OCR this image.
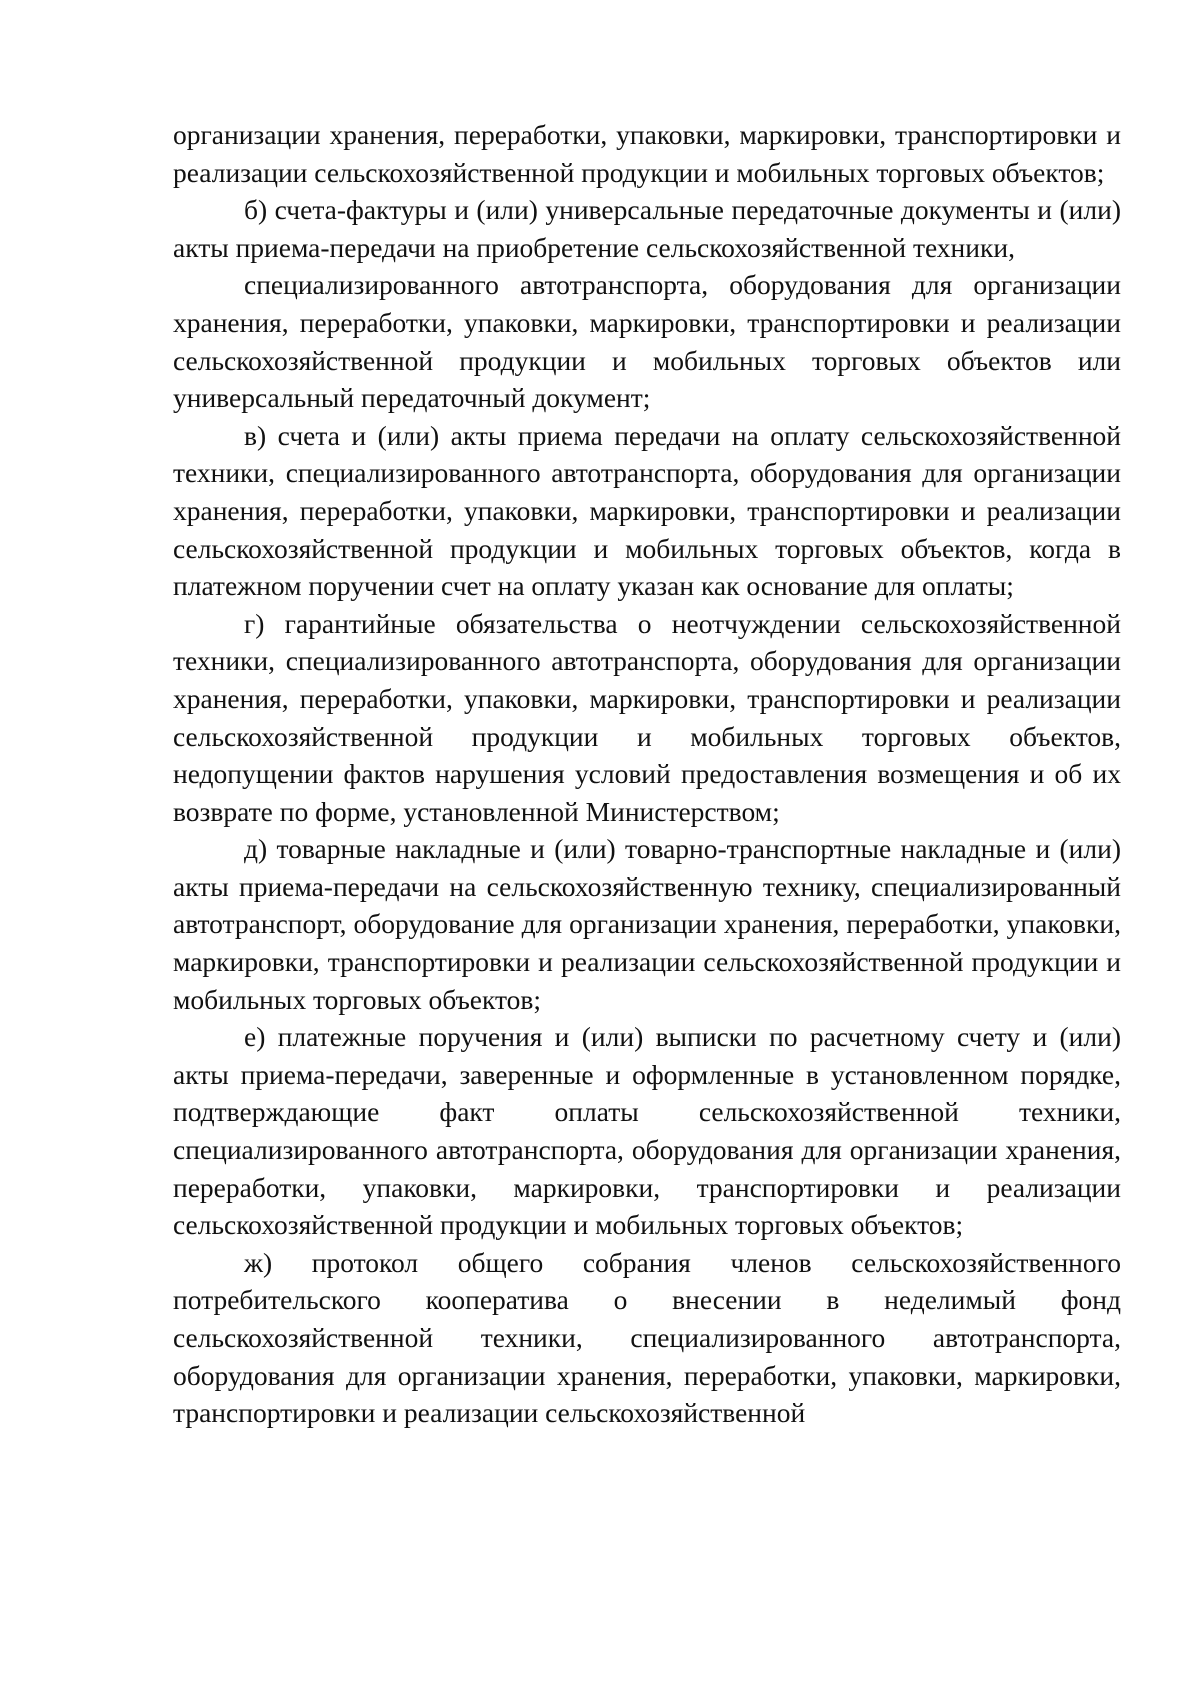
организации хранения, переработки, упаковки, маркировки, транспортировки и реализации сельскохозяйственной продукции и мобильных торговых объектов;

б) счета-фактуры и (или) универсальные передаточные документы и (или) акты приема-передачи на приобретение сельскохозяйственной техники,

специализированного автотранспорта, оборудования для организации хранения, переработки, упаковки, маркировки, транспортировки и реализации сельскохозяйственной продукции и мобильных торговых объектов или универсальный передаточный документ;

в) счета и (или) акты приема передачи на оплату сельскохозяйственной техники, специализированного автотранспорта, оборудования для организации хранения, переработки, упаковки, маркировки, транспортировки и реализации сельскохозяйственной продукции и мобильных торговых объектов, когда в платежном поручении счет на оплату указан как основание для оплаты;

г) гарантийные обязательства о неотчуждении сельскохозяйственной техники, специализированного автотранспорта, оборудования для организации хранения, переработки, упаковки, маркировки, транспортировки и реализации сельскохозяйственной продукции и мобильных торговых объектов, недопущении фактов нарушения условий предоставления возмещения и об их возврате по форме, установленной Министерством;

д) товарные накладные и (или) товарно-транспортные накладные и (или) акты приема-передачи на сельскохозяйственную технику, специализированный автотранспорт, оборудование для организации хранения, переработки, упаковки, маркировки, транспортировки и реализации сельскохозяйственной продукции и мобильных торговых объектов;

е) платежные поручения и (или) выписки по расчетному счету и (или) акты приема-передачи, заверенные и оформленные в установленном порядке, подтверждающие факт оплаты сельскохозяйственной техники, специализированного автотранспорта, оборудования для организации хранения, переработки, упаковки, маркировки, транспортировки и реализации сельскохозяйственной продукции и мобильных торговых объектов;

ж) протокол общего собрания членов сельскохозяйственного потребительского кооператива о внесении в неделимый фонд сельскохозяйственной техники, специализированного автотранспорта, оборудования для организации хранения, переработки, упаковки, маркировки, транспортировки и реализации сельскохозяйственной
